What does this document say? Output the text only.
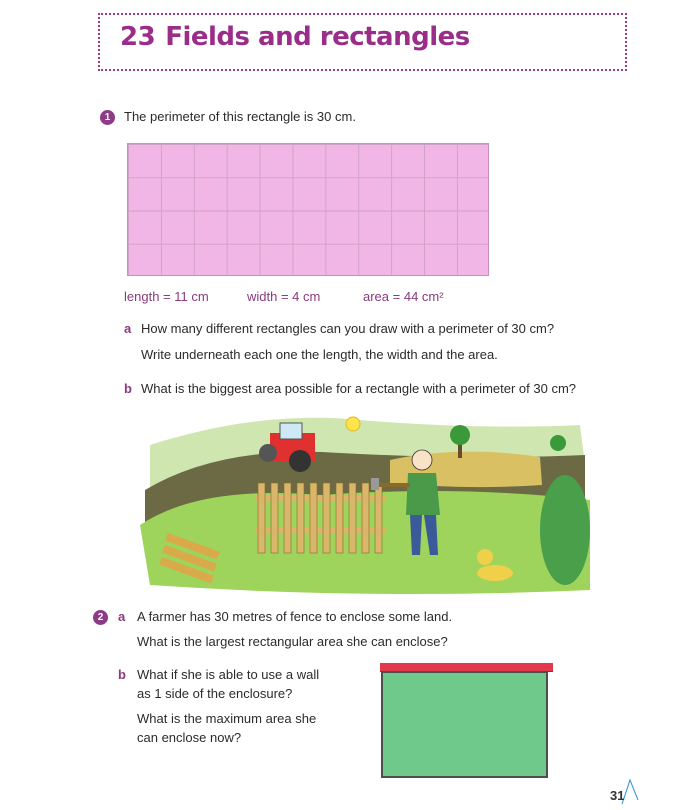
23 Fields and rectangles
1	The perimeter of this rectangle is 30 cm.
length = 11 cm	width = 4 cm	area = 44 cm²
a How many different rectangles can you draw with a perimeter of 30 cm?
Write underneath each one the length, the width and the area.
b What is the biggest area possible for a rectangle with a perimeter of 30 cm?
2	a A farmer has 30 metres of fence to enclose some land.
What is the largest rectangular area she can enclose?
b What if she is able to use a wall
as 1 side of the enclosure?
What is the maximum area she
can enclose now?
31
